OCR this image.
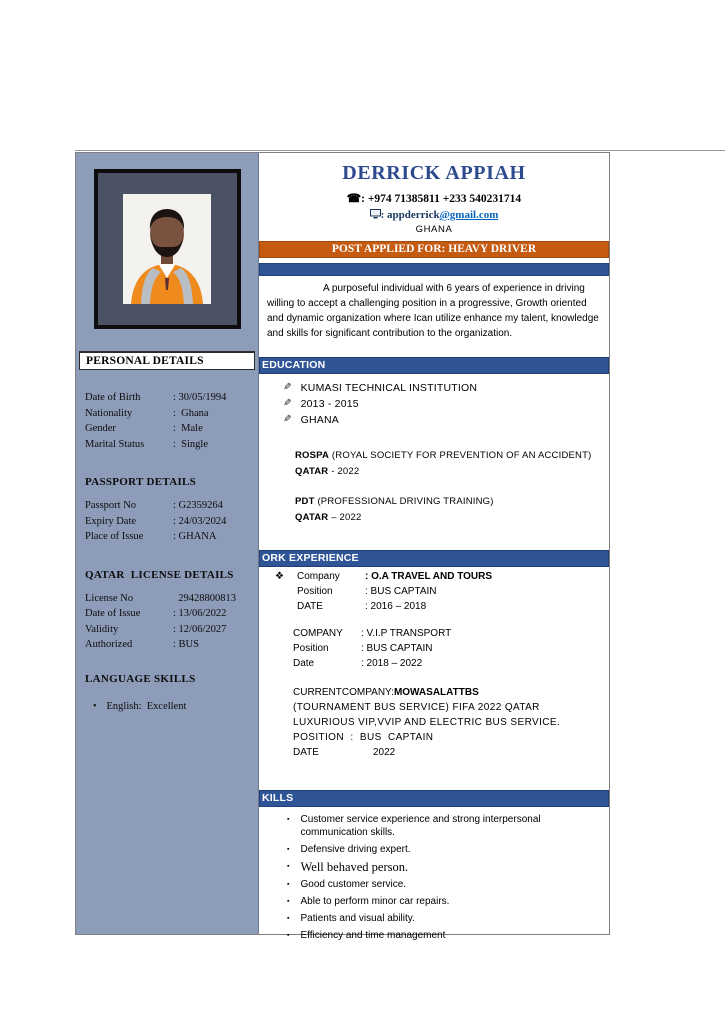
PERSONAL DETAILS
Date of Birth	: 30/05/1994
Nationality	:  Ghana
Gender	:  Male
Marital Status	:  Single
PASSPORT DETAILS
Passport No	: G2359264
Expiry Date	: 24/03/2024
Place of Issue	: GHANA
QATAR  LICENSE DETAILS
License No	29428800813
Date of Issue	: 13/06/2022
Validity	: 12/06/2027
Authorized	: BUS
LANGUAGE SKILLS
• English:  Excellent
DERRICK APPIAH
☎: +974 71385811 +233 540231714
: appderrick@gmail.com
GHANA
POST APPLIED FOR: HEAVY DRIVER
A purposeful individual with 6 years of experience in driving willing to accept a challenging position in a progressive, Growth oriented and dynamic organization where Ican utilize enhance my talent, knowledge and skills for significant contribution to the organization.
EDUCATION
✎ KUMASI TECHNICAL INSTITUTION
✎ 2013 - 2015
✎ GHANA
ROSPA (ROYAL SOCIETY FOR PREVENTION OF AN ACCIDENT)
QATAR - 2022
PDT (PROFESSIONAL DRIVING TRAINING)
QATAR – 2022
ORK EXPERIENCE
❖	Company	: O.A TRAVEL AND TOURS
Position	: BUS CAPTAIN
DATE	: 2016 – 2018
COMPANY	: V.I.P TRANSPORT
Position	: BUS CAPTAIN
Date	: 2018 – 2022
CURRENTCOMPANY:MOWASALATTBS
(TOURNAMENT BUS SERVICE) FIFA 2022 QATAR
LUXURIOUS VIP,VVIP AND ELECTRIC BUS SERVICE.
POSITION  :  BUS  CAPTAIN
DATE	2022
KILLS
▪ Customer service experience and strong interpersonal communication skills.
▪ Defensive driving expert.
▪ Well behaved person.
▪ Good customer service.
▪ Able to perform minor car repairs.
▪ Patients and visual ability.
▪ Efficiency and time management
